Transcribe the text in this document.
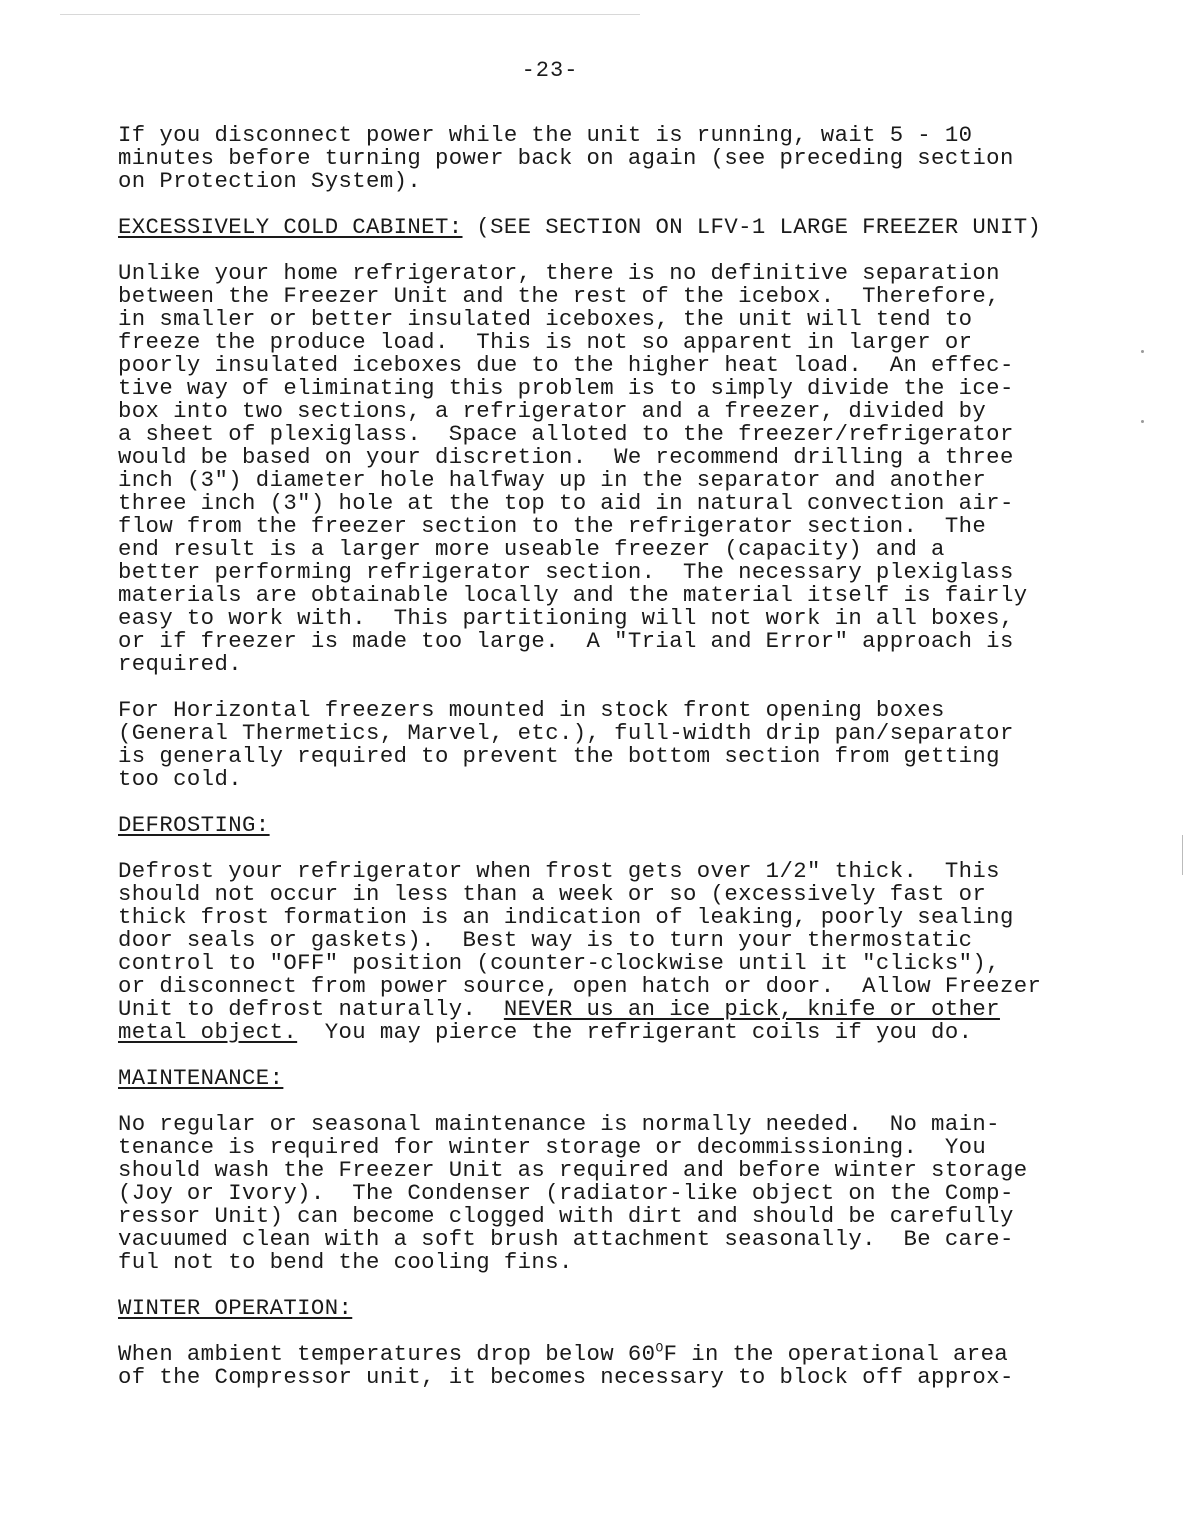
-23-
If you disconnect power while the unit is running, wait 5 - 10
minutes before turning power back on again (see preceding section
on Protection System).
EXCESSIVELY COLD CABINET: (SEE SECTION ON LFV-1 LARGE FREEZER UNIT)
Unlike your home refrigerator, there is no definitive separation
between the Freezer Unit and the rest of the icebox.  Therefore,
in smaller or better insulated iceboxes, the unit will tend to
freeze the produce load.  This is not so apparent in larger or
poorly insulated iceboxes due to the higher heat load.  An effec-
tive way of eliminating this problem is to simply divide the ice-
box into two sections, a refrigerator and a freezer, divided by
a sheet of plexiglass.  Space alloted to the freezer/refrigerator
would be based on your discretion.  We recommend drilling a three
inch (3") diameter hole halfway up in the separator and another
three inch (3") hole at the top to aid in natural convection air-
flow from the freezer section to the refrigerator section.  The
end result is a larger more useable freezer (capacity) and a
better performing refrigerator section.  The necessary plexiglass
materials are obtainable locally and the material itself is fairly
easy to work with.  This partitioning will not work in all boxes,
or if freezer is made too large.  A "Trial and Error" approach is
required.
For Horizontal freezers mounted in stock front opening boxes
(General Thermetics, Marvel, etc.), full-width drip pan/separator
is generally required to prevent the bottom section from getting
too cold.
DEFROSTING:
Defrost your refrigerator when frost gets over 1/2" thick.  This
should not occur in less than a week or so (excessively fast or
thick frost formation is an indication of leaking, poorly sealing
door seals or gaskets).  Best way is to turn your thermostatic
control to "OFF" position (counter-clockwise until it "clicks"),
or disconnect from power source, open hatch or door.  Allow Freezer
Unit to defrost naturally.  NEVER us an ice pick, knife or other
metal object.  You may pierce the refrigerant coils if you do.
MAINTENANCE:
No regular or seasonal maintenance is normally needed.  No main-
tenance is required for winter storage or decommissioning.  You
should wash the Freezer Unit as required and before winter storage
(Joy or Ivory).  The Condenser (radiator-like object on the Comp-
ressor Unit) can become clogged with dirt and should be carefully
vacuumed clean with a soft brush attachment seasonally.  Be care-
ful not to bend the cooling fins.
WINTER OPERATION:
When ambient temperatures drop below $60^OF$ in the operational area
of the Compressor unit, it becomes necessary to block off approx-
